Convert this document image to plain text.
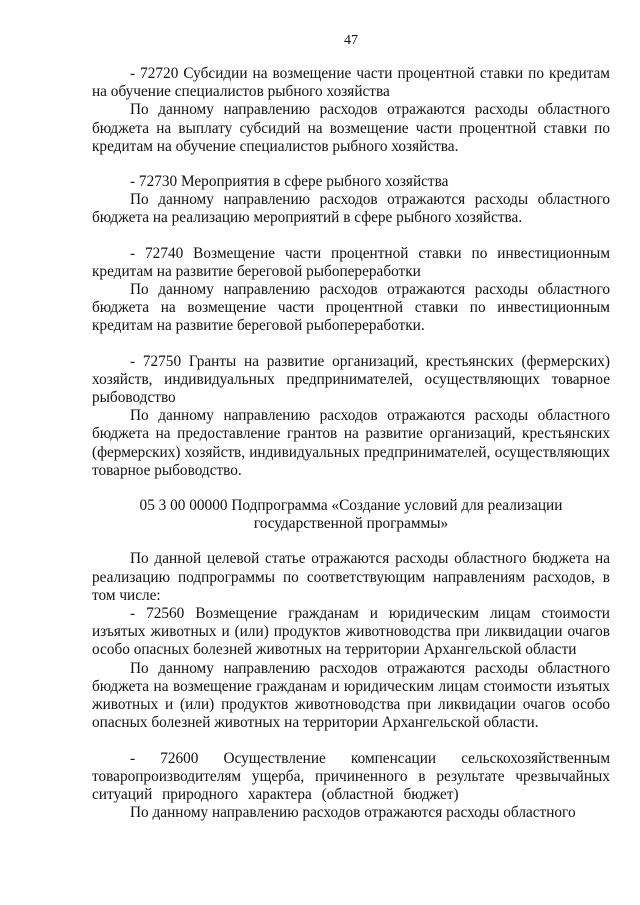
47

- 72720 Субсидии на возмещение части процентной ставки по кредитам на обучение специалистов рыбного хозяйства

По данному направлению расходов отражаются расходы областного бюджета на выплату субсидий на возмещение части процентной ставки по кредитам на обучение специалистов рыбного хозяйства.

- 72730 Мероприятия в сфере рыбного хозяйства

По данному направлению расходов отражаются расходы областного бюджета на реализацию мероприятий в сфере рыбного хозяйства.

- 72740 Возмещение части процентной ставки по инвестиционным кредитам на развитие береговой рыбопереработки

По данному направлению расходов отражаются расходы областного бюджета на возмещение части процентной ставки по инвестиционным кредитам на развитие береговой рыбопереработки.

- 72750 Гранты на развитие организаций, крестьянских (фермерских) хозяйств, индивидуальных предпринимателей, осуществляющих товарное рыбоводство

По данному направлению расходов отражаются расходы областного бюджета на предоставление грантов на развитие организаций, крестьянских (фермерских) хозяйств, индивидуальных предпринимателей, осуществляющих товарное рыбоводство.

05 3 00 00000 Подпрограмма «Создание условий для реализации
государственной программы»

По данной целевой статье отражаются расходы областного бюджета на реализацию подпрограммы по соответствующим направлениям расходов, в том числе:

- 72560 Возмещение гражданам и юридическим лицам стоимости изъятых животных и (или) продуктов животноводства при ликвидации очагов особо опасных болезней животных на территории Архангельской области

По данному направлению расходов отражаются расходы областного бюджета на возмещение гражданам и юридическим лицам стоимости изъятых животных и (или) продуктов животноводства при ликвидации очагов особо опасных болезней животных на территории Архангельской области.

- 72600 Осуществление компенсации сельскохозяйственным товаропроизводителям ущерба, причиненного в результате чрезвычайных ситуаций природного характера (областной бюджет)

По данному направлению расходов отражаются расходы областного
